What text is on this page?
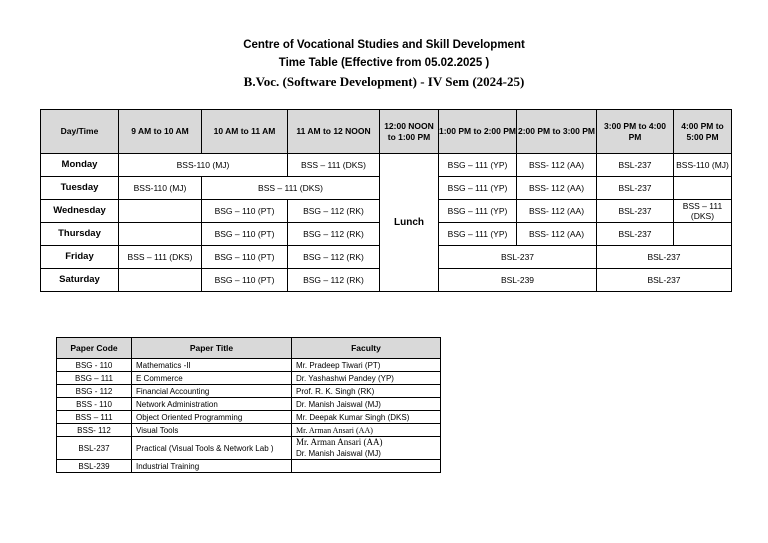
Centre of Vocational Studies and Skill Development
Time Table (Effective from 05.02.2025 )
B.Voc. (Software Development) - IV Sem (2024-25)
Day/Time	9 AM to 10 AM	10 AM to 11 AM	11 AM to 12 NOON	12:00 NOON to 1:00 PM	1:00 PM to 2:00 PM	2:00 PM to 3:00 PM	3:00 PM to 4:00 PM	4:00 PM to 5:00 PM
Monday	BSS-110 (MJ)		BSS – 111 (DKS)	Lunch	BSG – 111 (YP)	BSS- 112 (AA)	BSL-237	BSS-110 (MJ)
Tuesday	BSS-110 (MJ)	BSS – 111 (DKS)			BSG – 111 (YP)	BSS- 112 (AA)	BSL-237	
Wednesday		BSG – 110 (PT)	BSG – 112 (RK)		BSG – 111 (YP)	BSS- 112 (AA)	BSL-237	BSS – 111 (DKS)
Thursday		BSG – 110 (PT)	BSG – 112 (RK)		BSG – 111 (YP)	BSS- 112 (AA)	BSL-237	
Friday	BSS – 111 (DKS)	BSG – 110 (PT)	BSG – 112 (RK)		BSL-237		BSL-237	
Saturday		BSG – 110 (PT)	BSG – 112 (RK)		BSL-239		BSL-237	
Paper Code	Paper Title	Faculty
BSG - 110	Mathematics -II	Mr. Pradeep Tiwari (PT)
BSG – 111	E Commerce	Dr. Yashashwi Pandey (YP)
BSG - 112	Financial Accounting	Prof. R. K. Singh (RK)
BSS - 110	Network Administration	Dr. Manish Jaiswal (MJ)
BSS – 111	Object Oriented Programming	Mr. Deepak Kumar Singh (DKS)
BSS- 112	Visual Tools	Mr. Arman Ansari (AA)
BSL-237	Practical (Visual Tools & Network Lab )	Mr. Arman Ansari (AA)
Dr. Manish Jaiswal (MJ)

BSL-239	Industrial Training	
